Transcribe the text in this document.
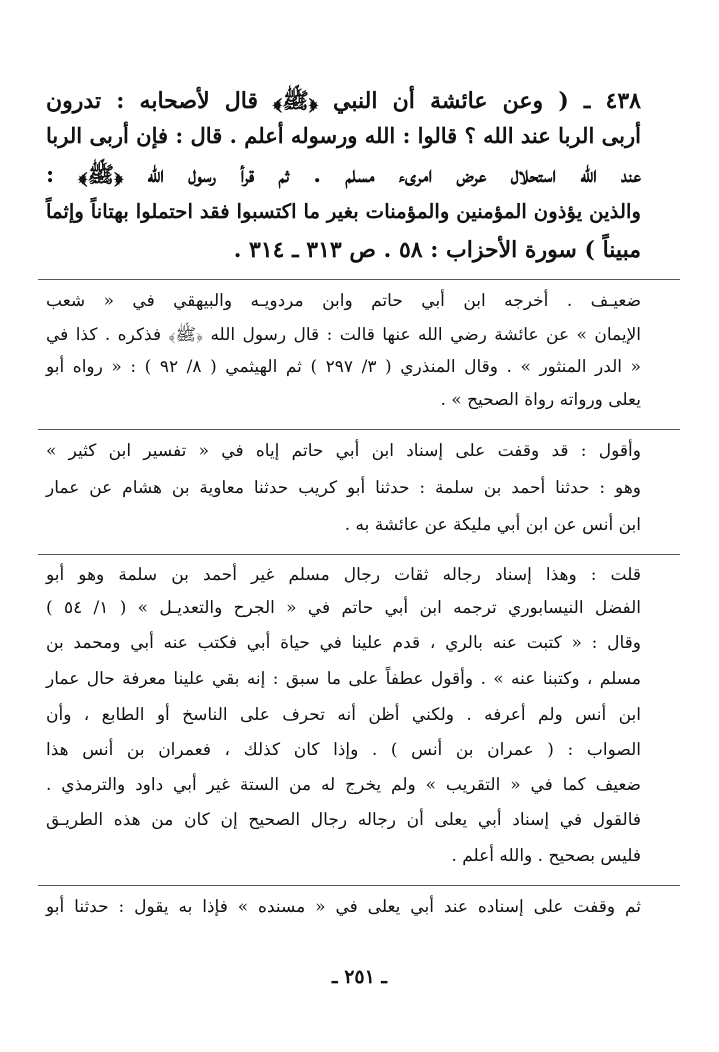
٤٣٨ ـ ( وعن عائشة أن النبي ﴿ﷺ﴾ قال لأصحابه : تدرون
أربى الربا عند الله ؟ قالوا : الله ورسوله أعلم . قال : فإن أربى الربا
عند الله استحلال عرض امرىء مسلم . ثم قرأ رسول الله ﴿ﷺ﴾ :
والذين يؤذون المؤمنين والمؤمنات بغير ما اكتسبوا فقد احتملوا بهتاناً وإثماً
مبيناً ) سورة الأحزاب : ٥٨ . ص ٣١٣ ـ ٣١٤ .
ضعيـف . أخرجه ابن أبي حاتم وابن مردويـه والبيهقي في « شعب
الإيمان » عن عائشة رضي الله عنها قالت : قال رسول الله ﴿ﷺ﴾ فذكره . كذا في
« الدر المنثور » . وقال المنذري ( ٣/ ٢٩٧ ) ثم الهيثمي ( ٨/ ٩٢ ) : « رواه أبو
يعلى ورواته رواة الصحيح » .
وأقول : قد وقفت على إسناد ابن أبي حاتم إياه في « تفسير ابن كثير »
وهو : حدثنا أحمد بن سلمة : حدثنا أبو كريب حدثنا معاوية بن هشام عن عمار
ابن أنس عن ابن أبي مليكة عن عائشة به .
قلت : وهذا إسناد رجاله ثقات رجال مسلم غير أحمد بن سلمة وهو أبو
الفضل النيسابوري ترجمه ابن أبي حاتم في « الجرح والتعديـل » ( ١/ ٥٤ )
وقال : « كتبت عنه بالري ، قدم علينا في حياة أبي فكتب عنه أبي ومحمد بن
مسلم ، وكتبنا عنه » . وأقول عطفاً على ما سبق : إنه بقي علينا معرفة حال عمار
ابن أنس ولم أعرفه . ولكني أظن أنه تحرف على الناسخ أو الطابع ، وأن
الصواب : ( عمران بن أنس ) . وإذا كان كذلك ، فعمران بن أنس هذا
ضعيف كما في « التقريب » ولم يخرج له من الستة غير أبي داود والترمذي .
فالقول في إسناد أبي يعلى أن رجاله رجال الصحيح إن كان من هذه الطريـق
فليس بصحيح . والله أعلم .
ثم وقفت على إسناده عند أبي يعلى في « مسنده » فإذا به يقول : حدثنا أبو
ـ ٢٥١ ـ
